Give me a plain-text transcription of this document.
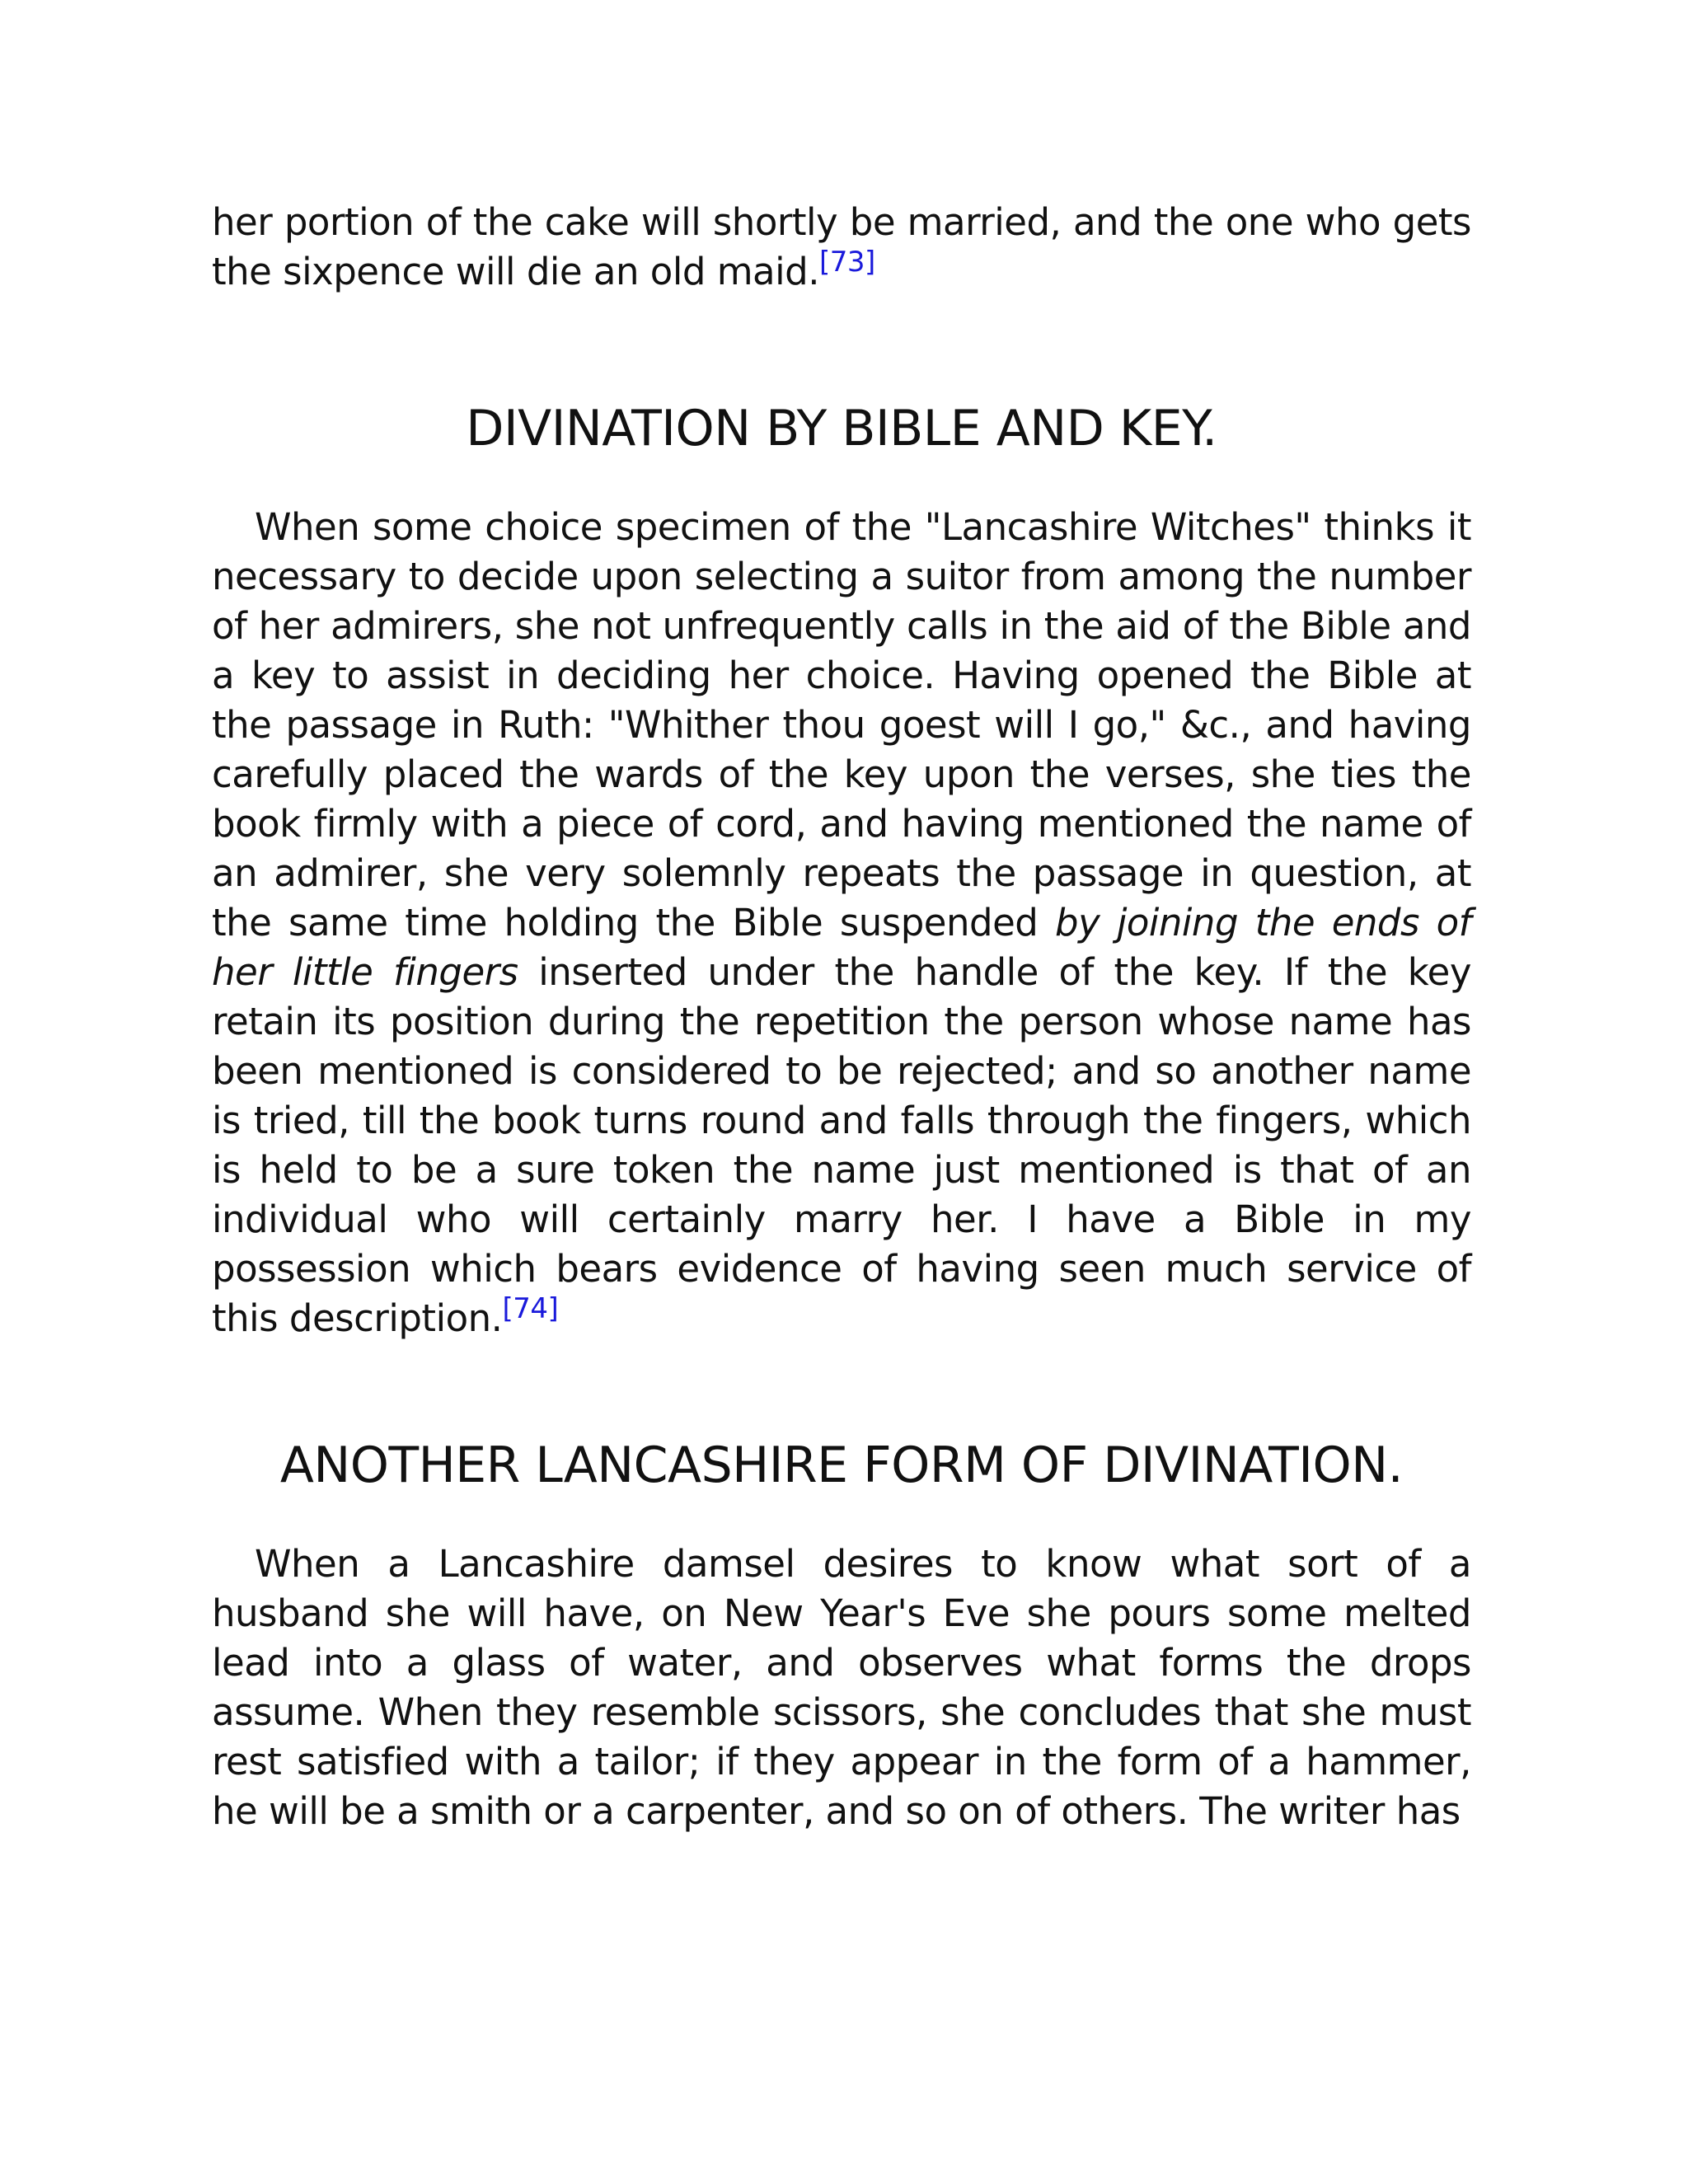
her portion of the cake will shortly be married, and the one who gets the sixpence will die an old maid.[73]

DIVINATION BY BIBLE AND KEY.

When some choice specimen of the "Lancashire Witches" thinks it necessary to decide upon selecting a suitor from among the number of her admirers, she not unfrequently calls in the aid of the Bible and a key to assist in deciding her choice. Having opened the Bible at the passage in Ruth: "Whither thou goest will I go," &c., and having carefully placed the wards of the key upon the verses, she ties the book firmly with a piece of cord, and having mentioned the name of an admirer, she very solemnly repeats the passage in question, at the same time holding the Bible suspended by joining the ends of her little fingers inserted under the handle of the key. If the key retain its position during the repetition the person whose name has been mentioned is considered to be rejected; and so another name is tried, till the book turns round and falls through the fingers, which is held to be a sure token the name just mentioned is that of an individual who will certainly marry her. I have a Bible in my possession which bears evidence of having seen much service of this description.[74]

ANOTHER LANCASHIRE FORM OF DIVINATION.

When a Lancashire damsel desires to know what sort of a husband she will have, on New Year's Eve she pours some melted lead into a glass of water, and observes what forms the drops assume. When they resemble scissors, she concludes that she must rest satisfied with a tailor; if they appear in the form of a hammer, he will be a smith or a carpenter, and so on of others. The writer has
